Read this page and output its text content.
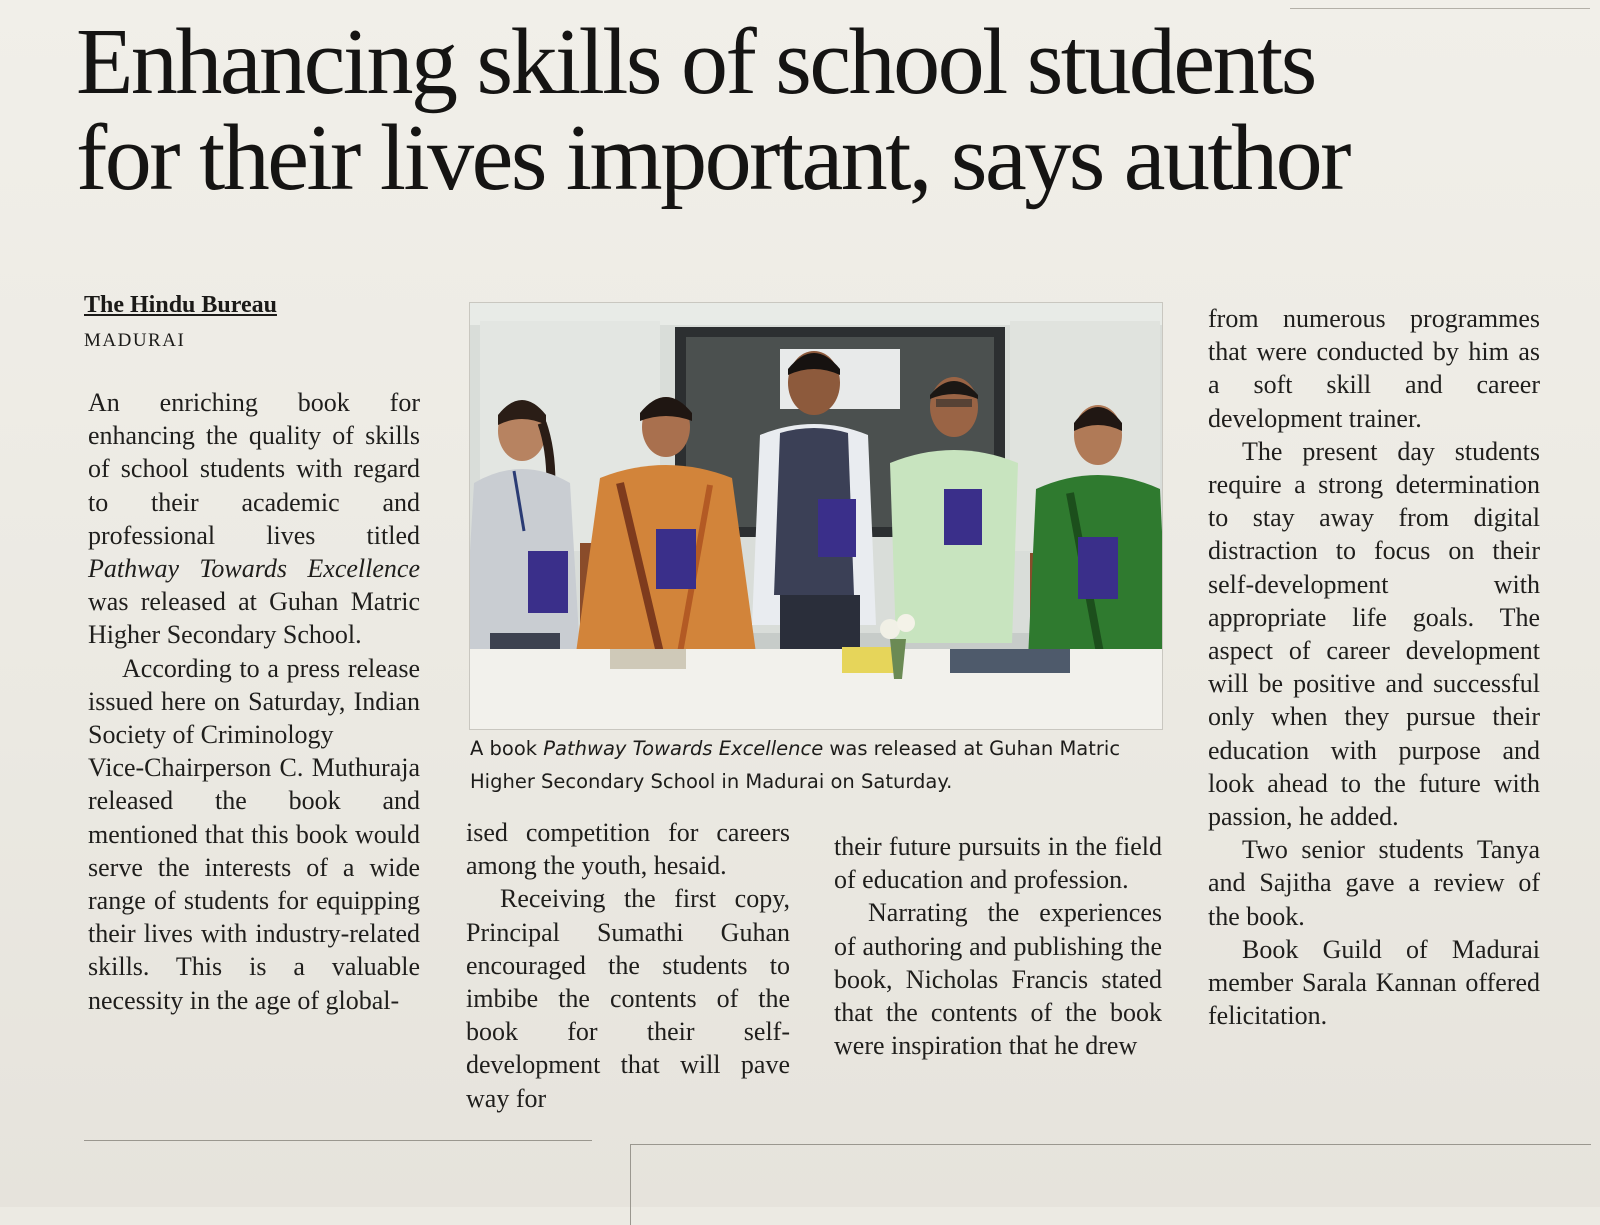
Enhancing skills of school students
for their lives important, says author
The Hindu Bureau
MADURAI

An enriching book for enhancing the quality of skills of school students with regard to their academic and professional lives titled Pathway Towards Excellence was released at Guhan Matric Higher Secondary School.

According to a press release issued here on Saturday, Indian Society of Criminology

Vice-Chairperson C. Muthuraja released the book and mentioned that this book would serve the interests of a wide range of students for equipping their lives with industry-related skills. This is a valuable necessity in the age of global-

ised competition for careers among the youth, hesaid.

Receiving the first copy, Principal Sumathi Guhan encouraged the students to imbibe the contents of the book for their self-development that will pave way for

their future pursuits in the field of education and profession.

Narrating the experiences of authoring and publishing the book, Nicholas Francis stated that the contents of the book were inspiration that he drew

from numerous programmes that were conducted by him as a soft skill and career development trainer.

The present day students require a strong determination to stay away from digital distraction to focus on their self-development with appropriate life goals. The aspect of career development will be positive and successful only when they pursue their education with purpose and look ahead to the future with passion, he added.

Two senior students Tanya and Sajitha gave a review of the book.

Book Guild of Madurai member Sarala Kannan offered felicitation.

A book Pathway Towards Excellence was released at Guhan Matric Higher Secondary School in Madurai on Saturday.
